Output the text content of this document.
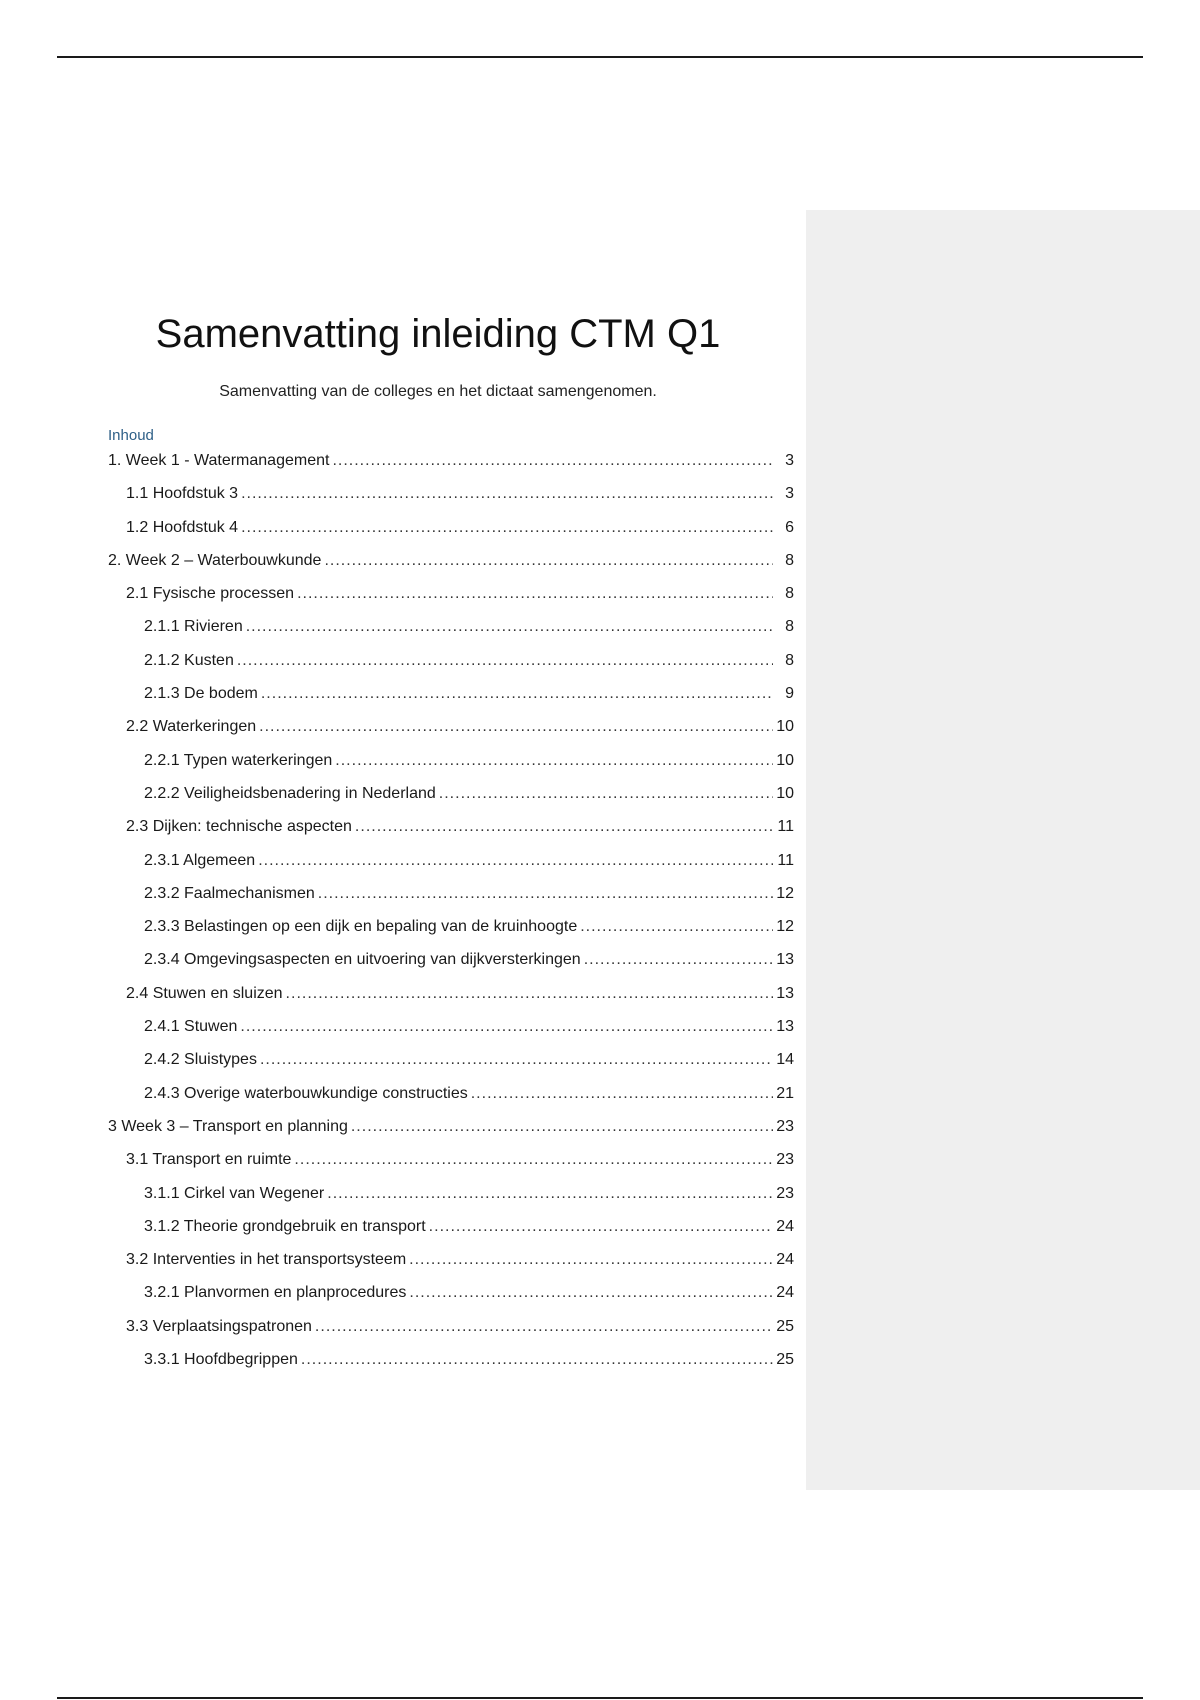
Samenvatting inleiding CTM Q1
Samenvatting van de colleges en het dictaat samengenomen.
Inhoud
1. Week 1 - Watermanagement .....	3
1.1 Hoofdstuk 3 .....	3
1.2 Hoofdstuk 4 .....	6
2. Week 2 – Waterbouwkunde .....	8
2.1 Fysische processen .....	8
2.1.1 Rivieren .....	8
2.1.2 Kusten .....	8
2.1.3 De bodem .....	9
2.2 Waterkeringen .....	10
2.2.1 Typen waterkeringen .....	10
2.2.2 Veiligheidsbenadering in Nederland .....	10
2.3 Dijken: technische aspecten .....	11
2.3.1 Algemeen .....	11
2.3.2 Faalmechanismen .....	12
2.3.3 Belastingen op een dijk en bepaling van de kruinhoogte .....	12
2.3.4 Omgevingsaspecten en uitvoering van dijkversterkingen .....	13
2.4 Stuwen en sluizen .....	13
2.4.1 Stuwen .....	13
2.4.2 Sluistypes .....	14
2.4.3 Overige waterbouwkundige constructies .....	21
3 Week 3 – Transport en planning .....	23
3.1 Transport en ruimte .....	23
3.1.1 Cirkel van Wegener .....	23
3.1.2 Theorie grondgebruik en transport .....	24
3.2 Interventies in het transportsysteem .....	24
3.2.1 Planvormen en planprocedures .....	24
3.3 Verplaatsingspatronen .....	25
3.3.1 Hoofdbegrippen .....	25
